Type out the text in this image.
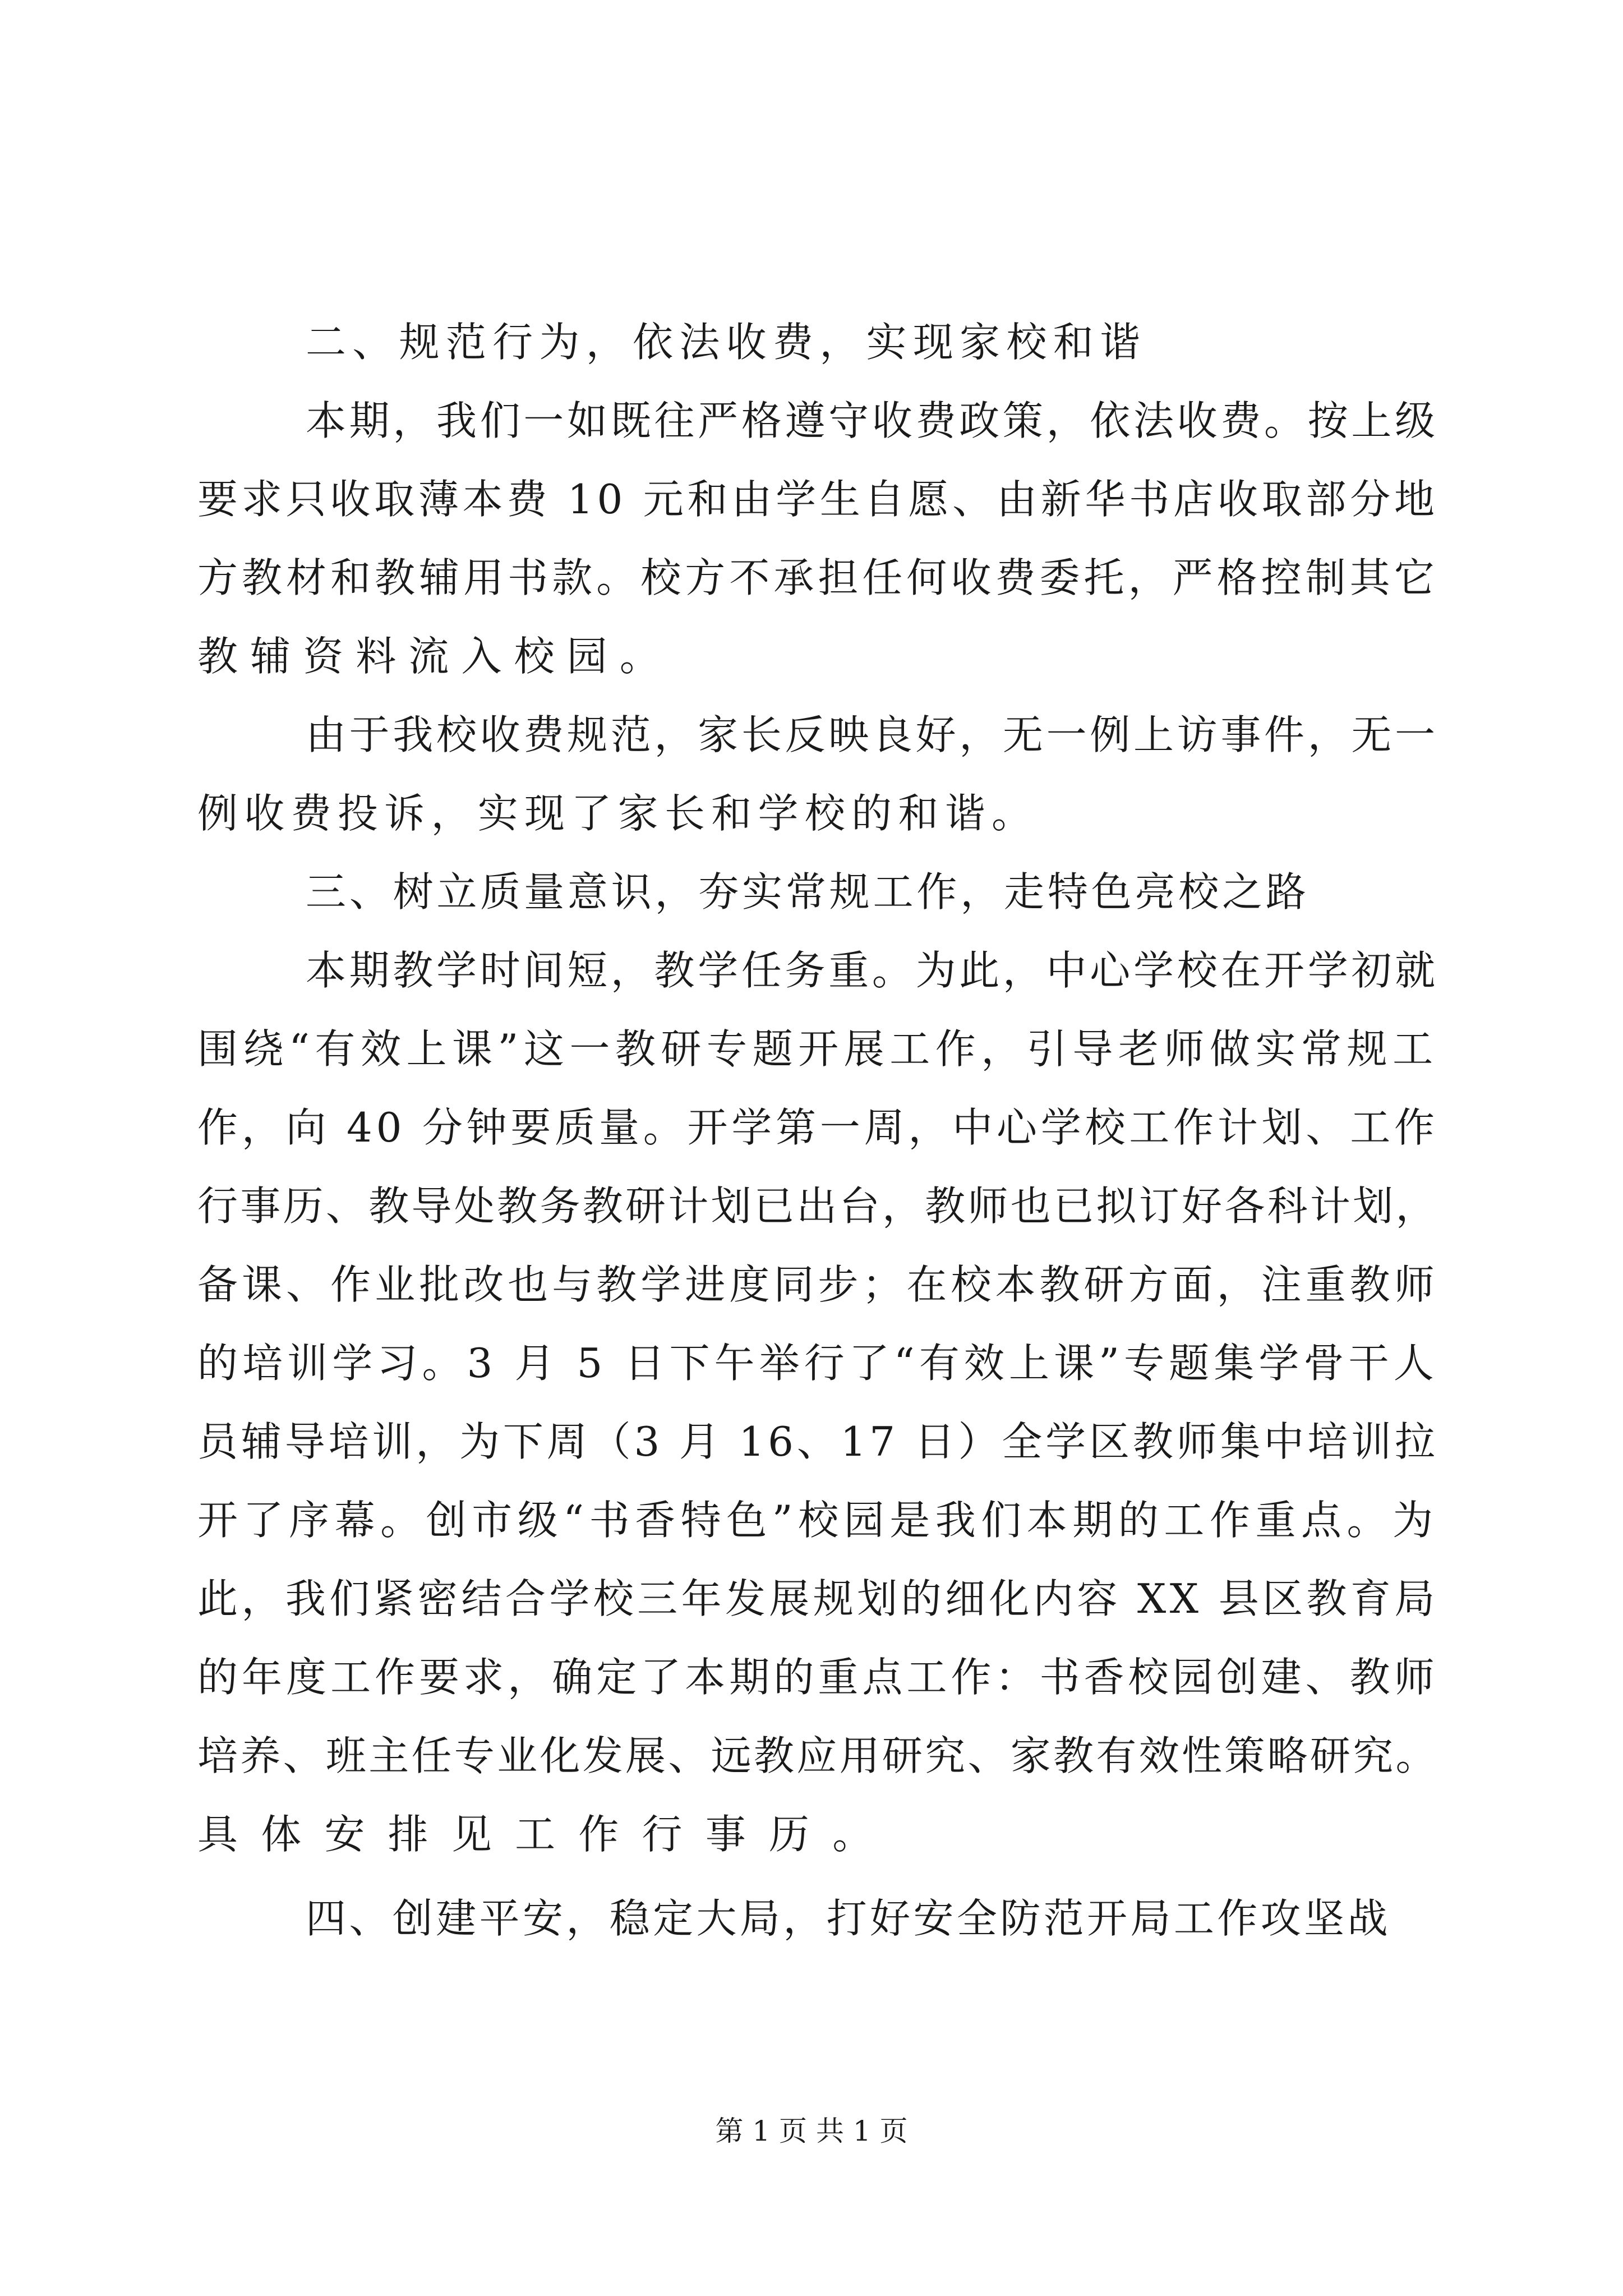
二、规范行为，依法收费，实现家校和谐
本期，我们一如既往严格遵守收费政策，依法收费。按上级
要求只收取薄本费 10 元和由学生自愿、由新华书店收取部分地
方教材和教辅用书款。校方不承担任何收费委托，严格控制其它
教辅资料流入校园。
由于我校收费规范，家长反映良好，无一例上访事件，无一
例收费投诉，实现了家长和学校的和谐。
三、树立质量意识，夯实常规工作，走特色亮校之路
本期教学时间短，教学任务重。为此，中心学校在开学初就
围绕“有效上课”这一教研专题开展工作，引导老师做实常规工
作，向 40 分钟要质量。开学第一周，中心学校工作计划、工作
行事历、教导处教务教研计划已出台，教师也已拟订好各科计划，
备课、作业批改也与教学进度同步；在校本教研方面，注重教师
的培训学习。3 月 5 日下午举行了“有效上课”专题集学骨干人
员辅导培训，为下周（3 月 16、17 日）全学区教师集中培训拉
开了序幕。创市级“书香特色”校园是我们本期的工作重点。为
此，我们紧密结合学校三年发展规划的细化内容 XX 县区教育局
的年度工作要求，确定了本期的重点工作：书香校园创建、教师
培养、班主任专业化发展、远教应用研究、家教有效性策略研究。
具体安排见工作行事历。
四、创建平安，稳定大局，打好安全防范开局工作攻坚战
第 1 页 共 1 页
